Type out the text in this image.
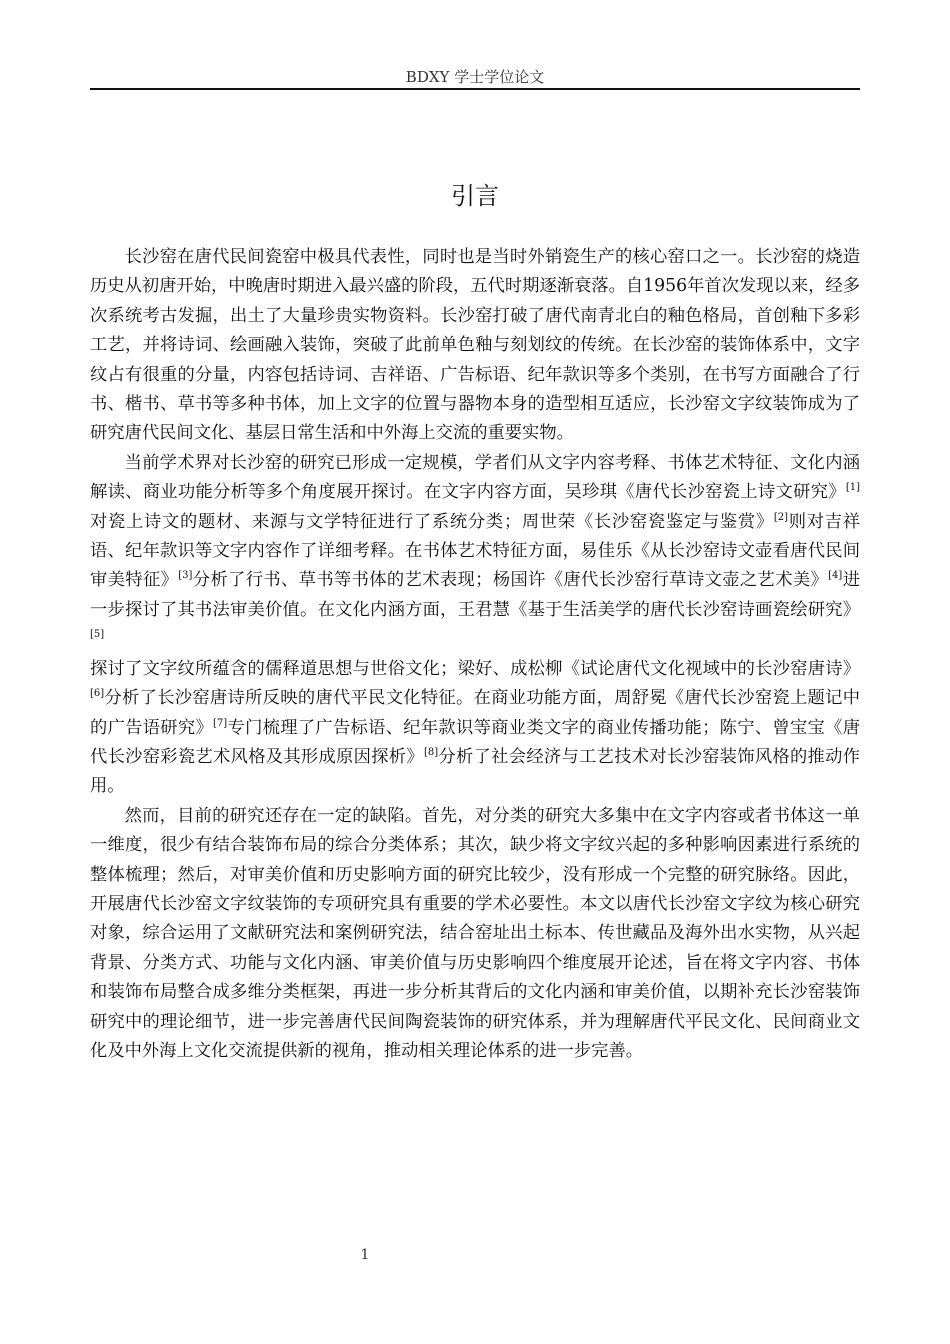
BDXY 学士学位论文
引言

长沙窑在唐代民间瓷窑中极具代表性，同时也是当时外销瓷生产的核心窑口之一。长沙窑的烧造历史从初唐开始，中晚唐时期进入最兴盛的阶段，五代时期逐渐衰落。自1956年首次发现以来，经多次系统考古发掘，出土了大量珍贵实物资料。长沙窑打破了唐代南青北白的釉色格局，首创釉下多彩工艺，并将诗词、绘画融入装饰，突破了此前单色釉与刻划纹的传统。在长沙窑的装饰体系中，文字纹占有很重的分量，内容包括诗词、吉祥语、广告标语、纪年款识等多个类别，在书写方面融合了行书、楷书、草书等多种书体，加上文字的位置与器物本身的造型相互适应，长沙窑文字纹装饰成为了研究唐代民间文化、基层日常生活和中外海上交流的重要实物。

当前学术界对长沙窑的研究已形成一定规模，学者们从文字内容考释、书体艺术特征、文化内涵解读、商业功能分析等多个角度展开探讨。在文字内容方面，吴珍琪《唐代长沙窑瓷上诗文研究》[1]对瓷上诗文的题材、来源与文学特征进行了系统分类；周世荣《长沙窑瓷鉴定与鉴赏》[2]则对吉祥语、纪年款识等文字内容作了详细考释。在书体艺术特征方面，易佳乐《从长沙窑诗文壶看唐代民间审美特征》[3]分析了行书、草书等书体的艺术表现；杨国许《唐代长沙窑行草诗文壶之艺术美》[4]进一步探讨了其书法审美价值。在文化内涵方面，王君慧《基于生活美学的唐代长沙窑诗画瓷绘研究》[5]探讨了文字纹所蕴含的儒释道思想与世俗文化；梁好、成松柳《试论唐代文化视域中的长沙窑唐诗》[6]分析了长沙窑唐诗所反映的唐代平民文化特征。在商业功能方面，周舒冕《唐代长沙窑瓷上题记中的广告语研究》[7]专门梳理了广告标语、纪年款识等商业类文字的商业传播功能；陈宁、曾宝宝《唐代长沙窑彩瓷艺术风格及其形成原因探析》[8]分析了社会经济与工艺技术对长沙窑装饰风格的推动作用。

然而，目前的研究还存在一定的缺陷。首先，对分类的研究大多集中在文字内容或者书体这一单一维度，很少有结合装饰布局的综合分类体系；其次，缺少将文字纹兴起的多种影响因素进行系统的整体梳理；然后，对审美价值和历史影响方面的研究比较少，没有形成一个完整的研究脉络。因此，开展唐代长沙窑文字纹装饰的专项研究具有重要的学术必要性。本文以唐代长沙窑文字纹为核心研究对象，综合运用了文献研究法和案例研究法，结合窑址出土标本、传世藏品及海外出水实物，从兴起背景、分类方式、功能与文化内涵、审美价值与历史影响四个维度展开论述，旨在将文字内容、书体和装饰布局整合成多维分类框架，再进一步分析其背后的文化内涵和审美价值，以期补充长沙窑装饰研究中的理论细节，进一步完善唐代民间陶瓷装饰的研究体系，并为理解唐代平民文化、民间商业文化及中外海上文化交流提供新的视角，推动相关理论体系的进一步完善。

1
